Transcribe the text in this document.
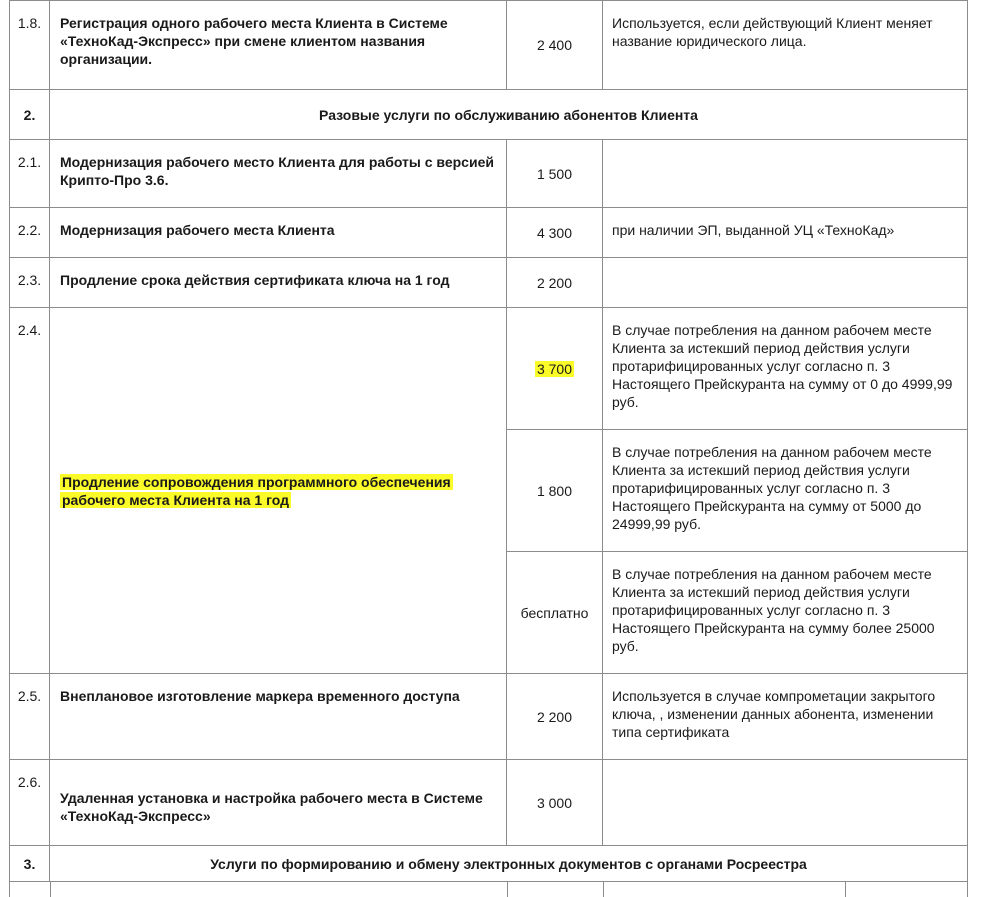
1.8.	Регистрация одного рабочего места Клиента в Системе «ТехноКад-Экспресс» при смене клиентом названия организации.	2 400	Используется, если действующий Клиент меняет название юридического лица.
2.	Разовые услуги по обслуживанию абонентов Клиента		
2.1.	Модернизация рабочего место Клиента для работы с версией Крипто-Про 3.6.	1 500	
2.2.	Модернизация рабочего места Клиента	4 300	при наличии ЭП, выданной УЦ «ТехноКад»
2.3.	Продление срока действия сертификата ключа на 1 год	2 200	
2.4.	Продление сопровождения программного обеспечения рабочего места Клиента на 1 год	3 700	В случае потребления на данном рабочем месте Клиента за истекший период действия услуги протарифицированных услуг согласно п. 3 Настоящего Прейскуранта на сумму от 0 до 4999,99 руб.
		1 800	В случае потребления на данном рабочем месте Клиента за истекший период действия услуги протарифицированных услуг согласно п. 3 Настоящего Прейскуранта на сумму от 5000 до 24999,99 руб.
		бесплатно	В случае потребления на данном рабочем месте Клиента за истекший период действия услуги протарифицированных услуг согласно п. 3 Настоящего Прейскуранта на сумму более 25000 руб.
2.5.	Внеплановое изготовление маркера временного доступа	2 200	Используется в случае компрометации закрытого ключа, , изменении данных абонента, изменении типа сертификата
2.6.	Удаленная установка и настройка рабочего места в Системе «ТехноКад-Экспресс»	3 000	
3.	Услуги по формированию и обмену электронных документов с органами Росреестра		
